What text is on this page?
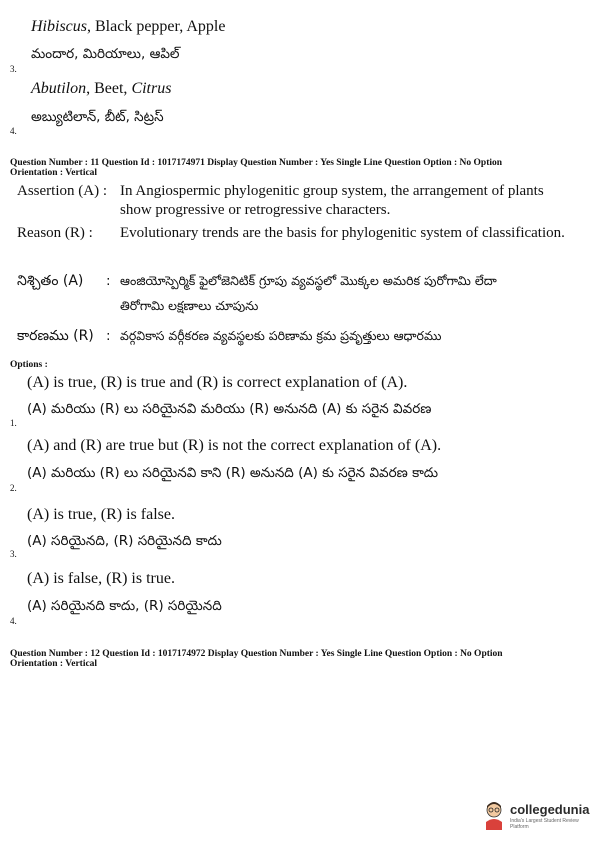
Hibiscus, Black pepper, Apple
మందార, మిరియాలు, ఆపిల్
3.
Abutilon, Beet, Citrus
అబ్యుటిలాన్, బీట్, సిట్రస్
4.
Question Number : 11 Question Id : 1017174971 Display Question Number : Yes Single Line Question Option : No Option
Orientation : Vertical
Assertion (A) : In Angiospermic phylogenitic group system, the arrangement of plants
show progressive or retrogressive characters.
Reason (R) : Evolutionary trends are the basis for phylogenitic system of classification.
నిశ్చితం (A) : ఆంజియోస్పెర్మిక్ ఫైలోజెనిటిక్ గ్రూపు వ్యవస్థలో మొక్కల అమరిక పురోగామి లేదా
తిరోగామి లక్షణాలు చూపును
కారణము (R) : వర్గవికాస వర్గీకరణ వ్యవస్థలకు పరిణామ క్రమ ప్రవృత్తులు ఆధారము
Options :
(A) is true, (R) is true and (R) is correct explanation of (A).
(A) మరియు (R) లు సరియైనవి మరియు (R) అనునది (A) కు సరైన వివరణ
1.
(A) and (R) are true but (R) is not the correct explanation of (A).
(A) మరియు (R) లు సరియైనవి కాని (R) అనునది (A) కు సరైన వివరణ కాదు
2.
(A) is true, (R) is false.
(A) సరియైనది, (R) సరియైనది కాదు
3.
(A) is false, (R) is true.
(A) సరియైనది కాదు, (R) సరియైనది
4.
Question Number : 12 Question Id : 1017174972 Display Question Number : Yes Single Line Question Option : No Option
Orientation : Vertical
collegedunia
India's Largest Student Review Platform
